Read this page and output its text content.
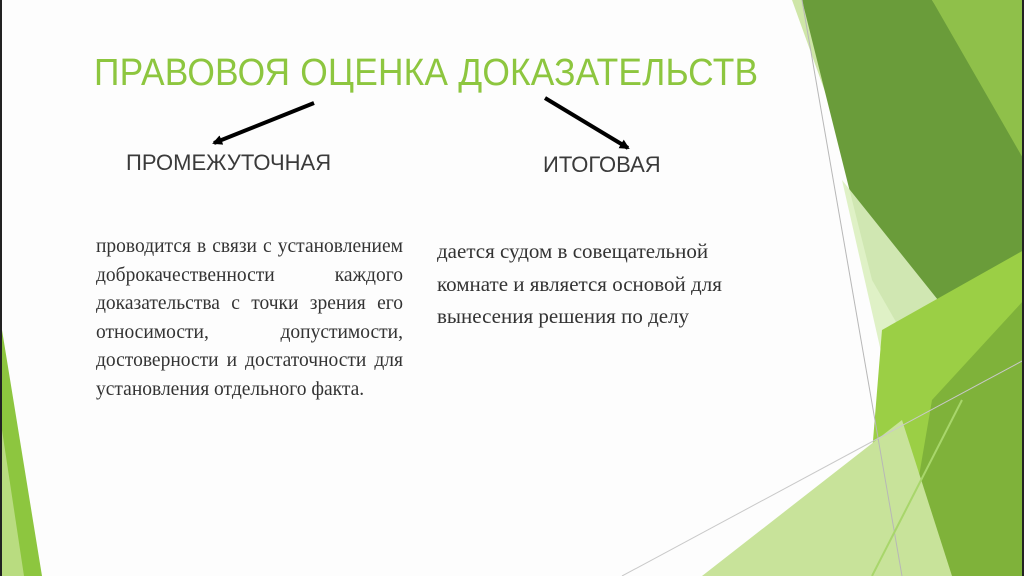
ПРАВОВОЯ ОЦЕНКА ДОКАЗАТЕЛЬСТВ
ПРОМЕЖУТОЧНАЯ	ИТОГОВАЯ
проводится в связи с установлением доброкачественности каждого доказательства с точки зрения его относимости, допустимости, достоверности и достаточности для установления отдельного факта.
дается судом в совещательной комнате и является основой для вынесения решения по делу
